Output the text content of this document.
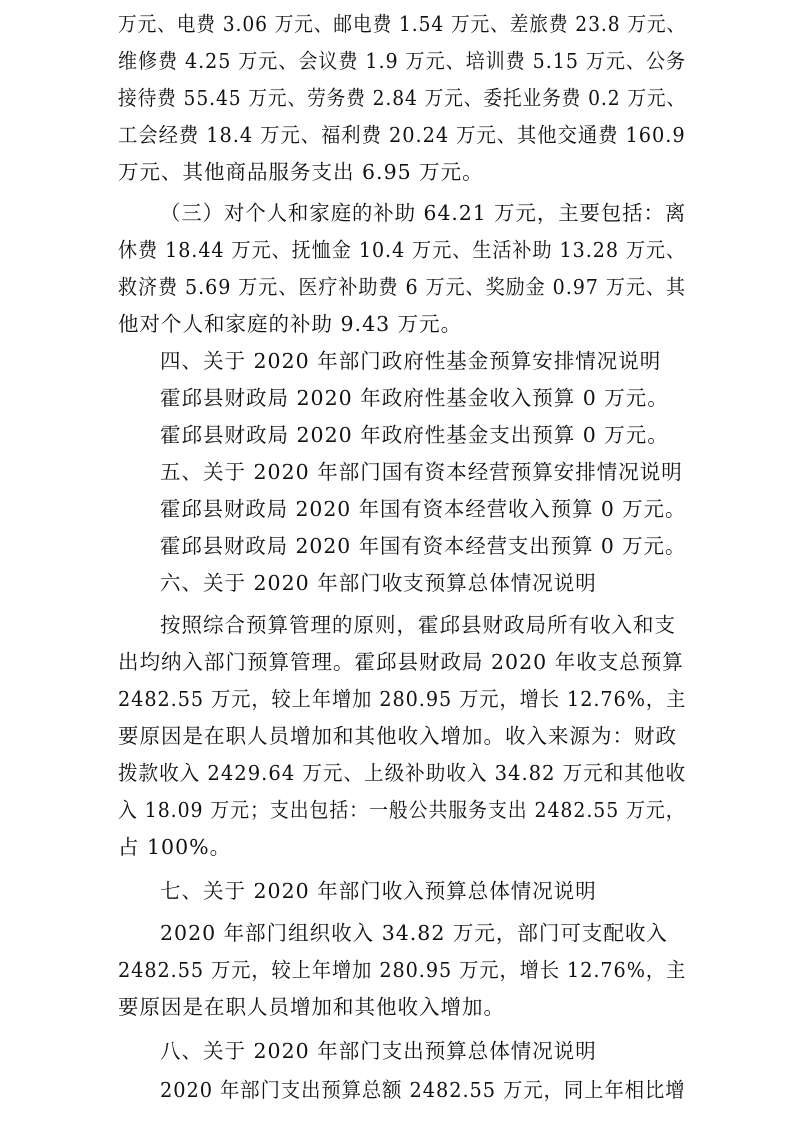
万元、电费 3.06 万元、邮电费 1.54 万元、差旅费 23.8 万元、
维修费 4.25 万元、会议费 1.9 万元、培训费 5.15 万元、公务
接待费 55.45 万元、劳务费 2.84 万元、委托业务费 0.2 万元、
工会经费 18.4 万元、福利费 20.24 万元、其他交通费 160.9
万元、其他商品服务支出 6.95 万元。
（三）对个人和家庭的补助 64.21 万元，主要包括：离
休费 18.44 万元、抚恤金 10.4 万元、生活补助 13.28 万元、
救济费 5.69 万元、医疗补助费 6 万元、奖励金 0.97 万元、其
他对个人和家庭的补助 9.43 万元。
四、关于 2020 年部门政府性基金预算安排情况说明
霍邱县财政局 2020 年政府性基金收入预算 0 万元。
霍邱县财政局 2020 年政府性基金支出预算 0 万元。
五、关于 2020 年部门国有资本经营预算安排情况说明
霍邱县财政局 2020 年国有资本经营收入预算 0 万元。
霍邱县财政局 2020 年国有资本经营支出预算 0 万元。
六、关于 2020 年部门收支预算总体情况说明
按照综合预算管理的原则，霍邱县财政局所有收入和支
出均纳入部门预算管理。霍邱县财政局 2020 年收支总预算
2482.55 万元，较上年增加 280.95 万元，增长 12.76%，主
要原因是在职人员增加和其他收入增加。收入来源为：财政
拨款收入 2429.64 万元、上级补助收入 34.82 万元和其他收
入 18.09 万元；支出包括：一般公共服务支出 2482.55 万元，
占 100%。
七、关于 2020 年部门收入预算总体情况说明
2020 年部门组织收入 34.82 万元，部门可支配收入
2482.55 万元，较上年增加 280.95 万元，增长 12.76%，主
要原因是在职人员增加和其他收入增加。
八、关于 2020 年部门支出预算总体情况说明
2020 年部门支出预算总额 2482.55 万元，同上年相比增
